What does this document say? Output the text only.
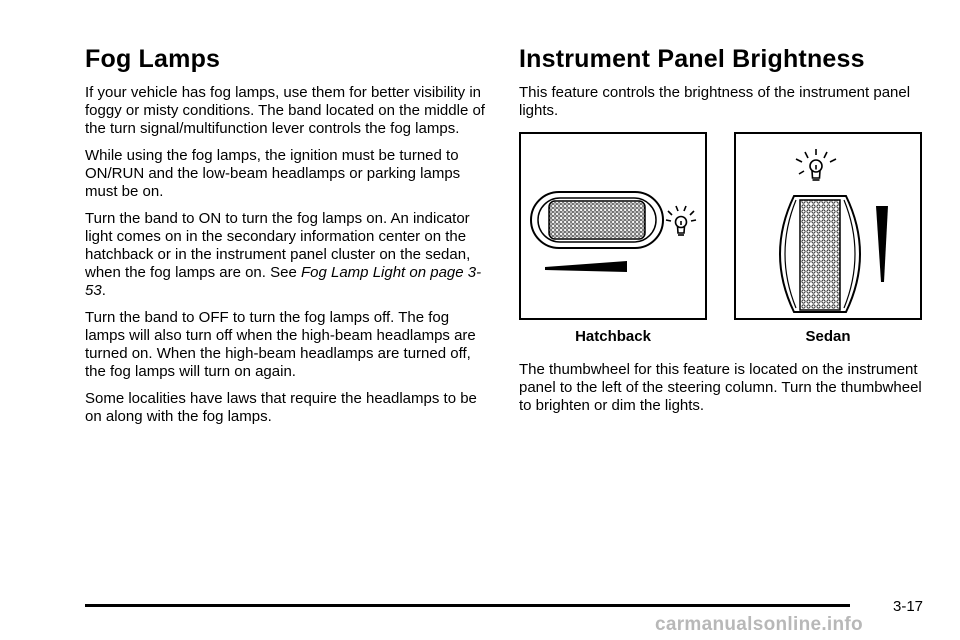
Fog Lamps

If your vehicle has fog lamps, use them for better visibility in foggy or misty conditions. The band located on the middle of the turn signal/multifunction lever controls the fog lamps.

While using the fog lamps, the ignition must be turned to ON/RUN and the low-beam headlamps or parking lamps must be on.

Turn the band to ON to turn the fog lamps on. An indicator light comes on in the secondary information center on the hatchback or in the instrument panel cluster on the sedan, when the fog lamps are on. See Fog Lamp Light on page 3-53.

Turn the band to OFF to turn the fog lamps off. The fog lamps will also turn off when the high-beam headlamps are turned on. When the high-beam headlamps are turned off, the fog lamps will turn on again.

Some localities have laws that require the headlamps to be on along with the fog lamps.

Instrument Panel Brightness

This feature controls the brightness of the instrument panel lights.

Hatchback	Sedan

The thumbwheel for this feature is located on the instrument panel to the left of the steering column. Turn the thumbwheel to brighten or dim the lights.

3-17
carmanualsonline.info
